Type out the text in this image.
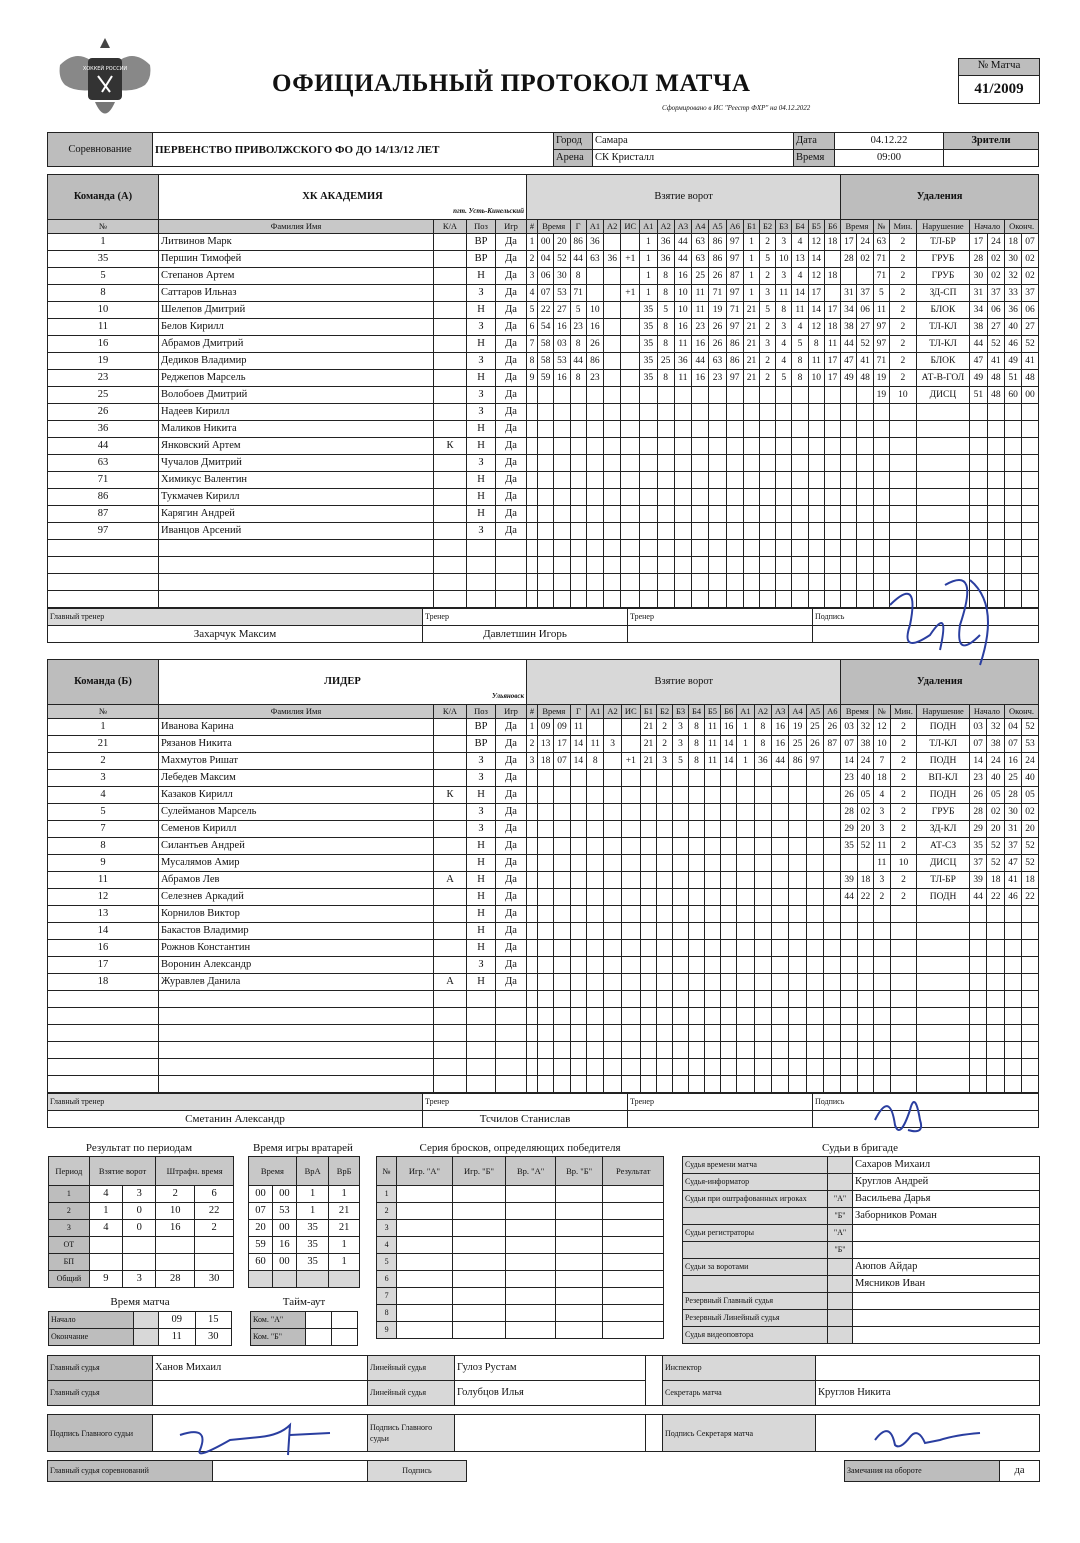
ХОККЕЙ РОССИИ
ОФИЦИАЛЬНЫЙ ПРОТОКОЛ МАТЧА
Сформировано в ИС "Реестр ФХР" на 04.12.2022
№ Матча
41/2009
Соревнование	ПЕРВЕНСТВО ПРИВОЛЖСКОГО ФО ДО 14/13/12 ЛЕТ	Город	Самара	Дата	04.12.22	Зрители
		Арена	СК Кристалл	Время	09:00	
Команда (А)	ХК АКАДЕМИЯ
пгт. Усть-Кинельский				Взятие ворот																			Удаления								
№	Фамилия Имя	К/А	Поз	Игр	#	Время		Г	А1	А2	ИС	А1	А2	А3	А4	А5	А6	Б1	Б2	Б3	Б4	Б5	Б6	Время		№	Мин.	Нарушение	Начало		Оконч.	
1	Литвинов Марк		ВР	Да	1	00	20	86	36			1	36	44	63	86	97	1	2	3	4	12	18	17	24	63	2	ТЛ-БР	17	24	18	07
35	Першин Тимофей		ВР	Да	2	04	52	44	63	36	+1	1	36	44	63	86	97	1	5	10	13	14		28	02	71	2	ГРУБ	28	02	30	02
5	Степанов Артем		Н	Да	3	06	30	8				1	8	16	25	26	87	1	2	3	4	12	18			71	2	ГРУБ	30	02	32	02
8	Саттаров Ильназ		З	Да	4	07	53	71			+1	1	8	10	11	71	97	1	3	11	14	17		31	37	5	2	ЗД-СП	31	37	33	37
10	Шелепов Дмитрий		Н	Да	5	22	27	5	10			35	5	10	11	19	71	21	5	8	11	14	17	34	06	11	2	БЛОК	34	06	36	06
11	Белов Кирилл		З	Да	6	54	16	23	16			35	8	16	23	26	97	21	2	3	4	12	18	38	27	97	2	ТЛ-КЛ	38	27	40	27
16	Абрамов Дмитрий		Н	Да	7	58	03	8	26			35	8	11	16	26	86	21	3	4	5	8	11	44	52	97	2	ТЛ-КЛ	44	52	46	52
19	Дедиков Владимир		З	Да	8	58	53	44	86			35	25	36	44	63	86	21	2	4	8	11	17	47	41	71	2	БЛОК	47	41	49	41
23	Реджепов Марсель		Н	Да	9	59	16	8	23			35	8	11	16	23	97	21	2	5	8	10	17	49	48	19	2	АТ-В-ГОЛ	49	48	51	48
25	Волобоев Дмитрий		З	Да																						19	10	ДИСЦ	51	48	60	00
26	Надеев Кирилл		З	Да																												
36	Маликов Никита		Н	Да																												
44	Янковский Артем	К	Н	Да																												
63	Чучалов Дмитрий		З	Да																												
71	Химикус Валентин		Н	Да																												
86	Тукмачев Кирилл		Н	Да																												
87	Карягин Андрей		Н	Да																												
97	Иванцов Арсений		З	Да																												

Главный тренер	Тренер	Тренер	Подпись
Захарчук Максим	Давлетшин Игорь		
Команда (Б)	ЛИДЕР
Ульяновск				Взятие ворот																			Удаления								
№	Фамилия Имя	К/А	Поз	Игр	#	Время		Г	А1	А2	ИС	Б1	Б2	Б3	Б4	Б5	Б6	А1	А2	А3	А4	А5	А6	Время		№	Мин.	Нарушение	Начало		Оконч.	
1	Иванова Карина		ВР	Да	1	09	09	11				21	2	3	8	11	16	1	8	16	19	25	26	03	32	12	2	ПОДН	03	32	04	52
21	Рязанов Никита		ВР	Да	2	13	17	14	11	3		21	2	3	8	11	14	1	8	16	25	26	87	07	38	10	2	ТЛ-КЛ	07	38	07	53
2	Махмутов Ришат		З	Да	3	18	07	14	8		+1	21	3	5	8	11	14	1	36	44	86	97		14	24	7	2	ПОДН	14	24	16	24
3	Лебедев Максим		З	Да																				23	40	18	2	ВП-КЛ	23	40	25	40
4	Казаков Кирилл	К	Н	Да																				26	05	4	2	ПОДН	26	05	28	05
5	Сулейманов Марсель		З	Да																				28	02	3	2	ГРУБ	28	02	30	02
7	Семенов Кирилл		З	Да																				29	20	3	2	ЗД-КЛ	29	20	31	20
8	Силантьев Андрей		Н	Да																				35	52	11	2	АТ-СЗ	35	52	37	52
9	Мусалямов Амир		Н	Да																						11	10	ДИСЦ	37	52	47	52
11	Абрамов Лев	А	Н	Да																				39	18	3	2	ТЛ-БР	39	18	41	18
12	Селезнев Аркадий		Н	Да																				44	22	2	2	ПОДН	44	22	46	22
13	Корнилов Виктор		Н	Да																												
14	Бакастов Владимир		Н	Да																												
16	Рожнов Константин		Н	Да																												
17	Воронин Александр		З	Да																												
18	Журавлев Данила	А	Н	Да																												

Главный тренер	Тренер	Тренер	Подпись
Сметанин Александр	Тсчилов Станислав		
Результат по периодам
Период	Взятие ворот		Штрафн. время	
1	4	3	2	6
2	1	0	10	22
3	4	0	16	2
ОТ				
БП				
Общий	9	3	28	30
Время игры вратарей
Время		ВрА	ВрБ
00	00	1	1
07	53	1	21
20	00	35	21
59	16	35	1
60	00	35	1

Время матча
Начало		09	15
Окончание		11	30
Тайм-аут
Ком. "А"		
Ком. "Б"		
Серия бросков, определяющих победителя
№	Игр. "А"	Игр. "Б"	Вр. "А"	Вр. "Б"	Результат
1					
2					
3					
4					
5					
6					
7					
8					
9					
Судьи в бригаде
Судья времени матча		Сахаров Михаил
Судья-информатор		Круглов Андрей
Судьи при оштрафованных игроках	"А"	Васильева Дарья
	"Б"	Заборников Роман
Судьи регистраторы	"А"	
	"Б"	
Судьи за воротами		Аюпов Айдар
		Мясников Иван
Резервный Главный судья		
Резервный Линейный судья		
Судья видеоповтора		
Главный судья	Ханов Михаил	Линейный судья	Гулоз Рустам		Инспектор	
Главный судья		Линейный судья	Голубцов Илья		Секретарь матча	Круглов Никита
Подпись Главного судьи		Подпись Главного судьи			Подпись Секретаря матча	
Главный судья соревнований		Подпись	Замечания на обороте	да
